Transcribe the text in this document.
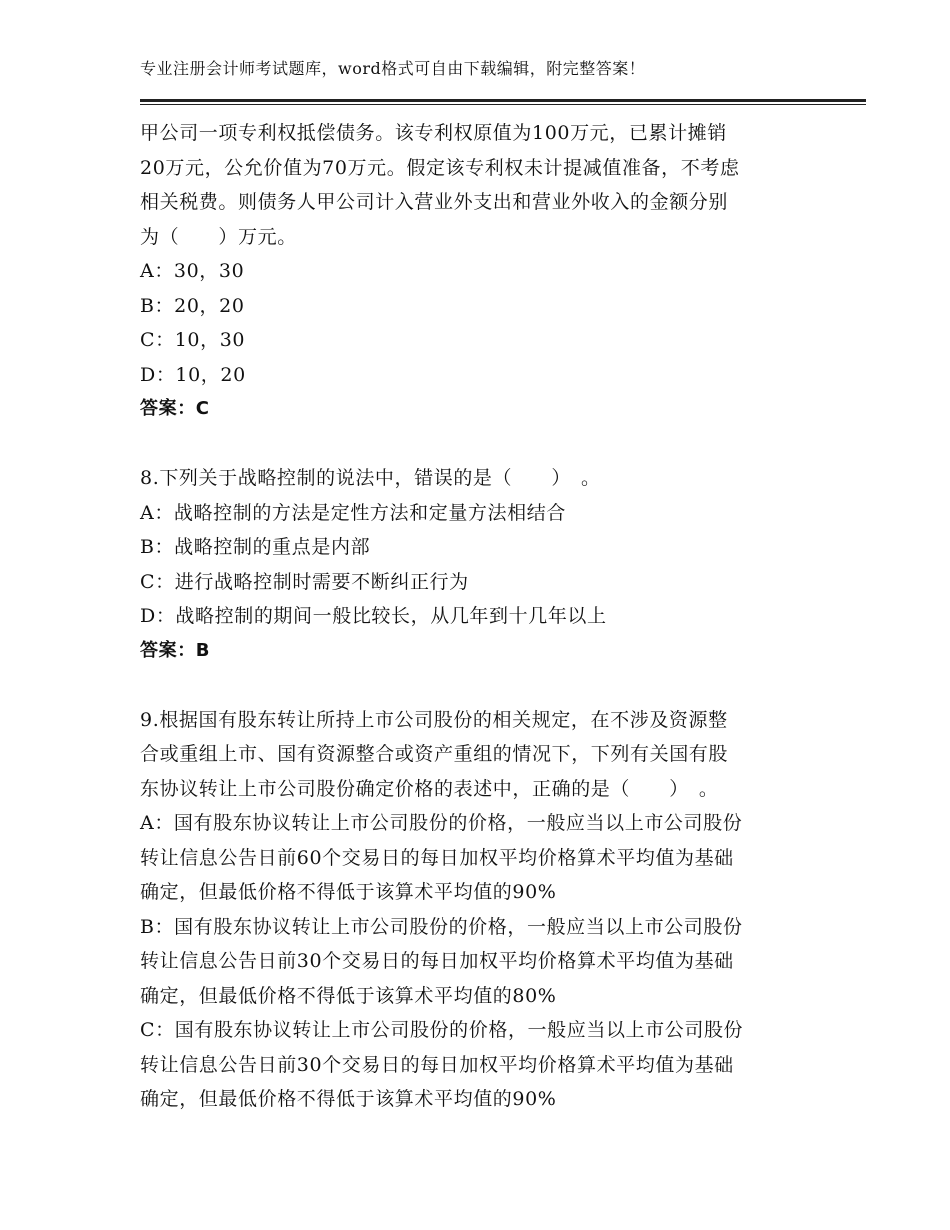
专业注册会计师考试题库，word格式可自由下载编辑，附完整答案！

甲公司一项专利权抵偿债务。该专利权原值为100万元，已累计摊销

20万元，公允价值为70万元。假定该专利权未计提减值准备，不考虑

相关税费。则债务人甲公司计入营业外支出和营业外收入的金额分别

为（　　）万元。

A：30，30

B：20，20

C：10，30

D：10，20

答案：C

8.下列关于战略控制的说法中，错误的是（　　）　。

A：战略控制的方法是定性方法和定量方法相结合

B：战略控制的重点是内部

C：进行战略控制时需要不断纠正行为

D：战略控制的期间一般比较长，从几年到十几年以上

答案：B

9.根据国有股东转让所持上市公司股份的相关规定，在不涉及资源整

合或重组上市、国有资源整合或资产重组的情况下，下列有关国有股

东协议转让上市公司股份确定价格的表述中，正确的是（　　）　。

A：国有股东协议转让上市公司股份的价格，一般应当以上市公司股份

转让信息公告日前60个交易日的每日加权平均价格算术平均值为基础

确定，但最低价格不得低于该算术平均值的90%

B：国有股东协议转让上市公司股份的价格，一般应当以上市公司股份

转让信息公告日前30个交易日的每日加权平均价格算术平均值为基础

确定，但最低价格不得低于该算术平均值的80%

C：国有股东协议转让上市公司股份的价格，一般应当以上市公司股份

转让信息公告日前30个交易日的每日加权平均价格算术平均值为基础

确定，但最低价格不得低于该算术平均值的90%
